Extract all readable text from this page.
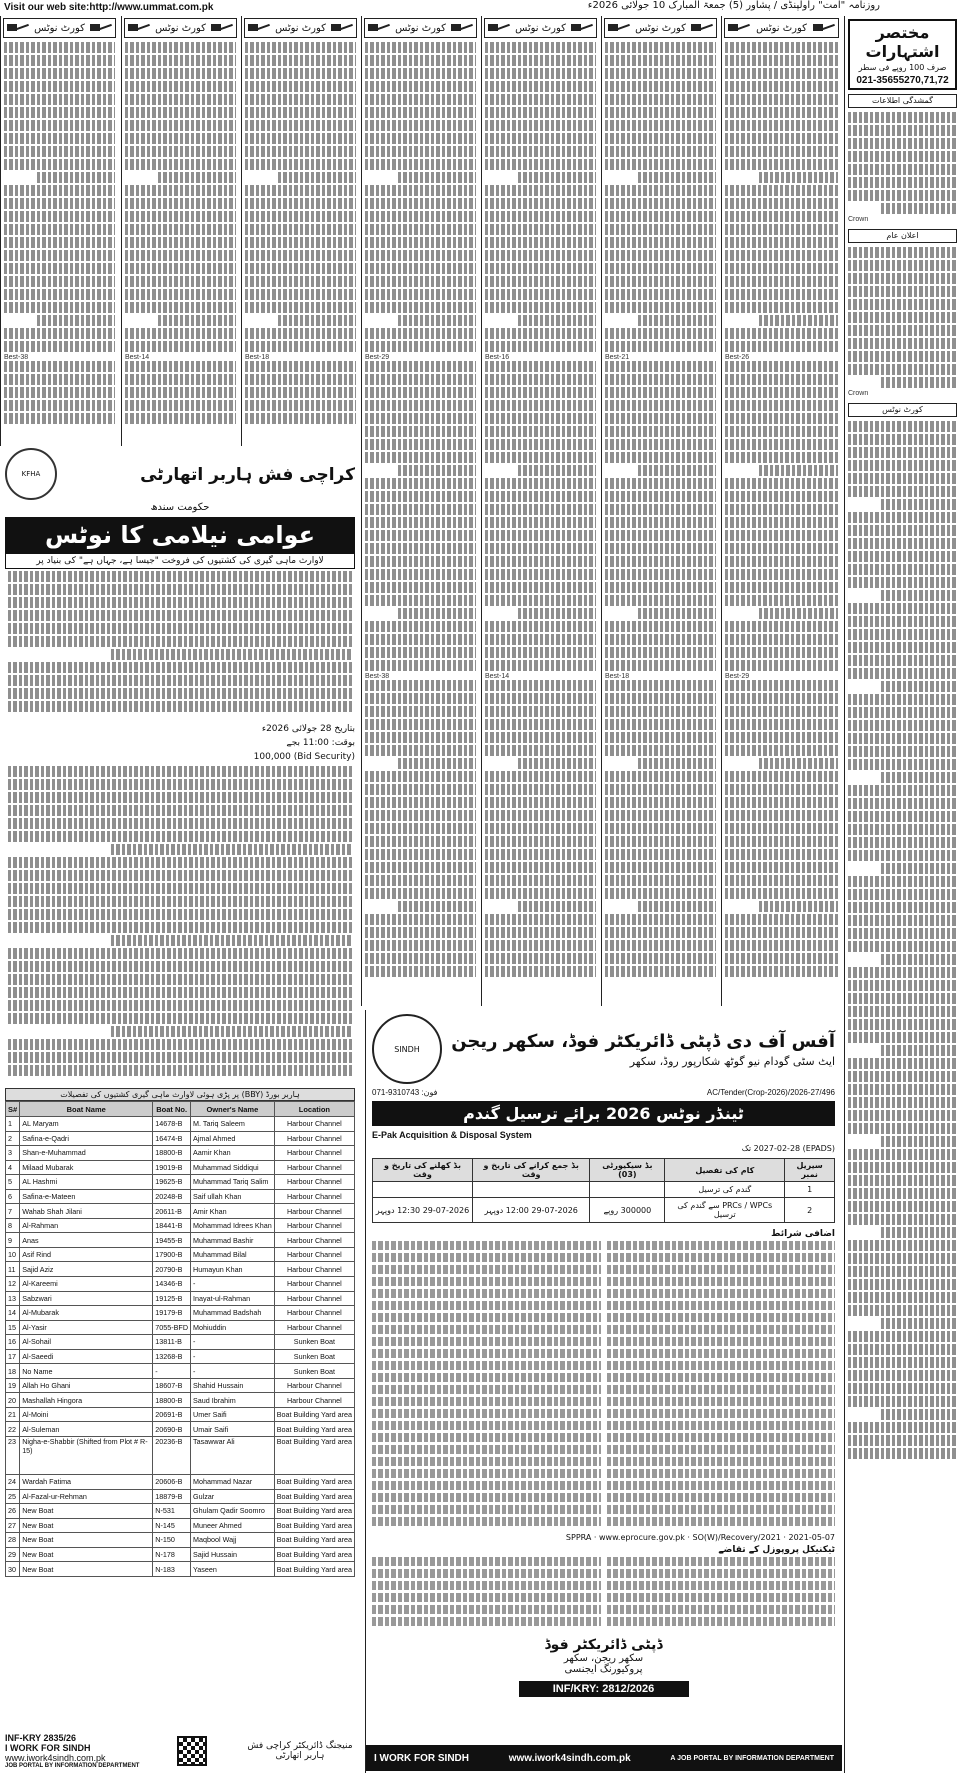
Visit our web site:http://www.ummat.com.pk	روزنامہ "امت" راولپنڈی / پشاور (5) جمعۃ المبارک 10 جولائی 2026ء
کورٹ نوٹس
Best-38
کورٹ نوٹس
Best-14
کورٹ نوٹس
Best-18
کورٹ نوٹس
Best-29
Best-38
کورٹ نوٹس
Best-16
Best-14
کورٹ نوٹس
Best-21
Best-18
کورٹ نوٹس
Best-26
Best-29
مختصر اشتہارات
صرف 100 روپے فی سطر
021-35655270,71,72
گمشدگی اطلاعات
Crown
اعلان عام
Crown
کورٹ نوٹس
KFHA	کراچی فش ہاربر اتھارٹی
حکومت سندھ
عوامی نیلامی کا نوٹس
لاوارث ماہی گیری کی کشتیوں کی فروخت "جیسا ہے، جہاں ہے" کی بنیاد پر
بتاریخ 28 جولائی 2026ء
بوقت: 11:00 بجے
(Bid Security) 100,000
ہاربر بورڈ (BBY) پر پڑی ہوئی لاوارث ماہی گیری کشتیوں کی تفصیلات
S#	Boat Name	Boat No.	Owner's Name	Location
1	AL Maryam	14678-B	M. Tariq Saleem	Harbour Channel
2	Safina-e-Qadri	16474-B	Ajmal Ahmed	Harbour Channel
3	Shan-e-Muhammad	18800-B	Aamir Khan	Harbour Channel
4	Milaad Mubarak	19019-B	Muhammad Siddiqui	Harbour Channel
5	AL Hashmi	19625-B	Muhammad Tariq Salim	Harbour Channel
6	Safina-e-Mateen	20248-B	Saif ullah Khan	Harbour Channel
7	Wahab Shah Jilani	20611-B	Amir Khan	Harbour Channel
8	Al-Rahman	18441-B	Mohammad Idrees Khan	Harbour Channel
9	Anas	19455-B	Muhammad Bashir	Harbour Channel
10	Asif Rind	17900-B	Muhammad Bilal	Harbour Channel
11	Sajid Aziz	20790-B	Humayun Khan	Harbour Channel
12	Al-Kareemi	14346-B	-	Harbour Channel
13	Sabzwari	19125-B	Inayat-ul-Rahman	Harbour Channel
14	Al-Mubarak	19179-B	Muhammad Badshah	Harbour Channel
15	Al-Yasir	7055-BFD	Mohiuddin	Harbour Channel
16	Al-Sohail	13811-B	-	Sunken Boat
17	Al-Saeedi	13268-B	-	Sunken Boat
18	No Name	-	-	Sunken Boat
19	Allah Ho Ghani	18607-B	Shahid Hussain	Harbour Channel
20	Mashallah Hingora	18800-B	Saud Ibrahim	Harbour Channel
21	Al-Moini	20691-B	Umer Saifi	Boat Building Yard area
22	Al-Suleman	20690-B	Umair Saifi	Boat Building Yard area
23	Nigha-e-Shabbir (Shifted from Plot # R-15)	20236-B	Tasawwar Ali	Boat Building Yard area
24	Wardah Fatima	20606-B	Mohammad Nazar	Boat Building Yard area
25	Al-Fazal-ur-Rehman	18879-B	Gulzar	Boat Building Yard area
26	New Boat	N-531	Ghulam Qadir Soomro	Boat Building Yard area
27	New Boat	N-145	Muneer Ahmed	Boat Building Yard area
28	New Boat	N-150	Maqbool Wajj	Boat Building Yard area
29	New Boat	N-178	Sajid Hussain	Boat Building Yard area
30	New Boat	N-183	Yaseen	Boat Building Yard area
INF-KRY 2835/26
I WORK FOR SINDH
www.iwork4sindh.com.pk
JOB PORTAL BY INFORMATION DEPARTMENT
منیجنگ ڈائریکٹر کراچی فش ہاربر اتھارٹی
SINDH	آفس آف دی ڈپٹی ڈائریکٹر فوڈ، سکھر ریجن
ایٹ سٹی گودام نیو گوٹھ شکارپور روڈ، سکھر
071-9310743 :فون	AC/Tender(Crop-2026)/2026-27/496
ٹینڈر نوٹس 2026 برائے ترسیل گندم
E-Pak Acquisition & Disposal System
(EPADS) 2027-02-28 تک
سیریل نمبر	کام کی تفصیل	بڈ سیکیورٹی (03)	بڈ جمع کرانے کی تاریخ و وقت	بڈ کھلنے کی تاریخ و وقت
1	گندم کی ترسیل			
2	PRCs / WPCs سے گندم کی ترسیل	300000 روپے	29-07-2026 12:00 دوپہر	29-07-2026 12:30 دوپہر
اضافی شرائط
SPPRA · www.eprocure.gov.pk · SO(W)/Recovery/2021 · 2021-05-07
ٹیکنیکل پروپوزل کے تقاضے
ڈپٹی ڈائریکٹر فوڈ
سکھر ریجن، سکھر
پروکیورنگ ایجنسی
INF/KRY: 2812/2026
I WORK FOR SINDH	www.iwork4sindh.com.pk	A JOB PORTAL BY INFORMATION DEPARTMENT
